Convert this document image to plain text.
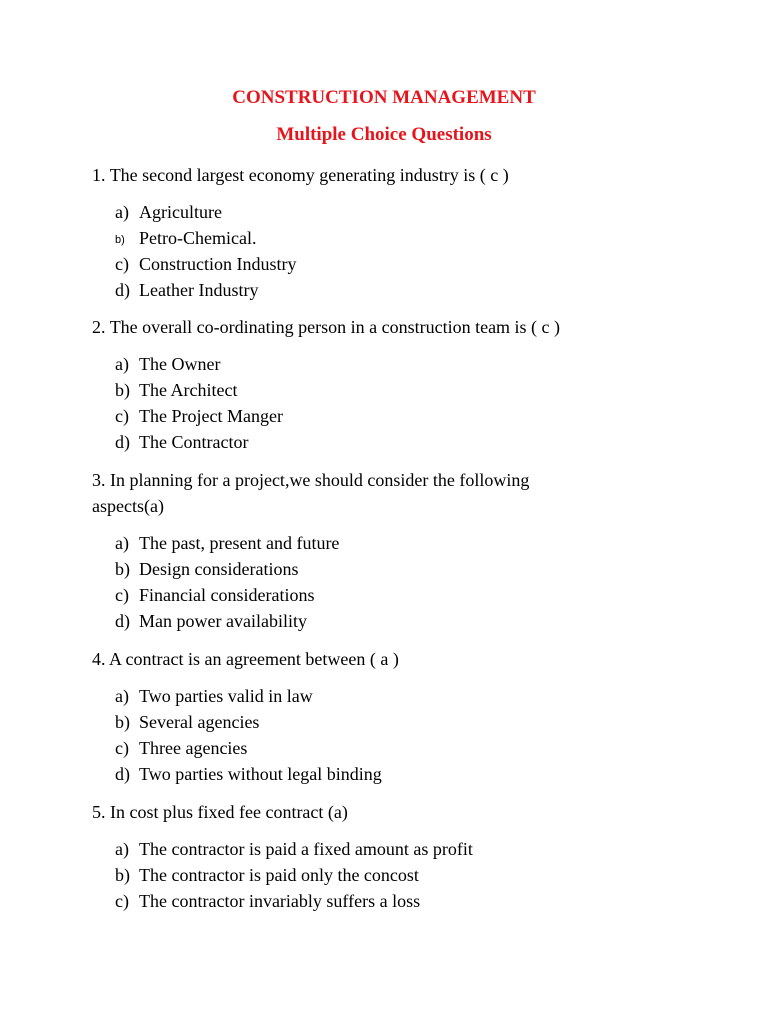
CONSTRUCTION MANAGEMENT
Multiple Choice Questions
1. The second largest economy generating industry is ( c )
a) Agriculture
b) Petro-Chemical.
c) Construction Industry
d) Leather Industry
2. The overall co-ordinating person in a construction team is ( c )
a) The Owner
b) The Architect
c) The Project Manger
d) The Contractor
3. In planning for a project,we should consider the following
aspects(a)
a) The past, present and future
b) Design considerations
c) Financial considerations
d) Man power availability
4. A contract is an agreement between ( a )
a) Two parties valid in law
b) Several agencies
c) Three agencies
d) Two parties without legal binding
5. In cost plus fixed fee contract (a)
a) The contractor is paid a fixed amount as profit
b) The contractor is paid only the concost
c) The contractor invariably suffers a loss
